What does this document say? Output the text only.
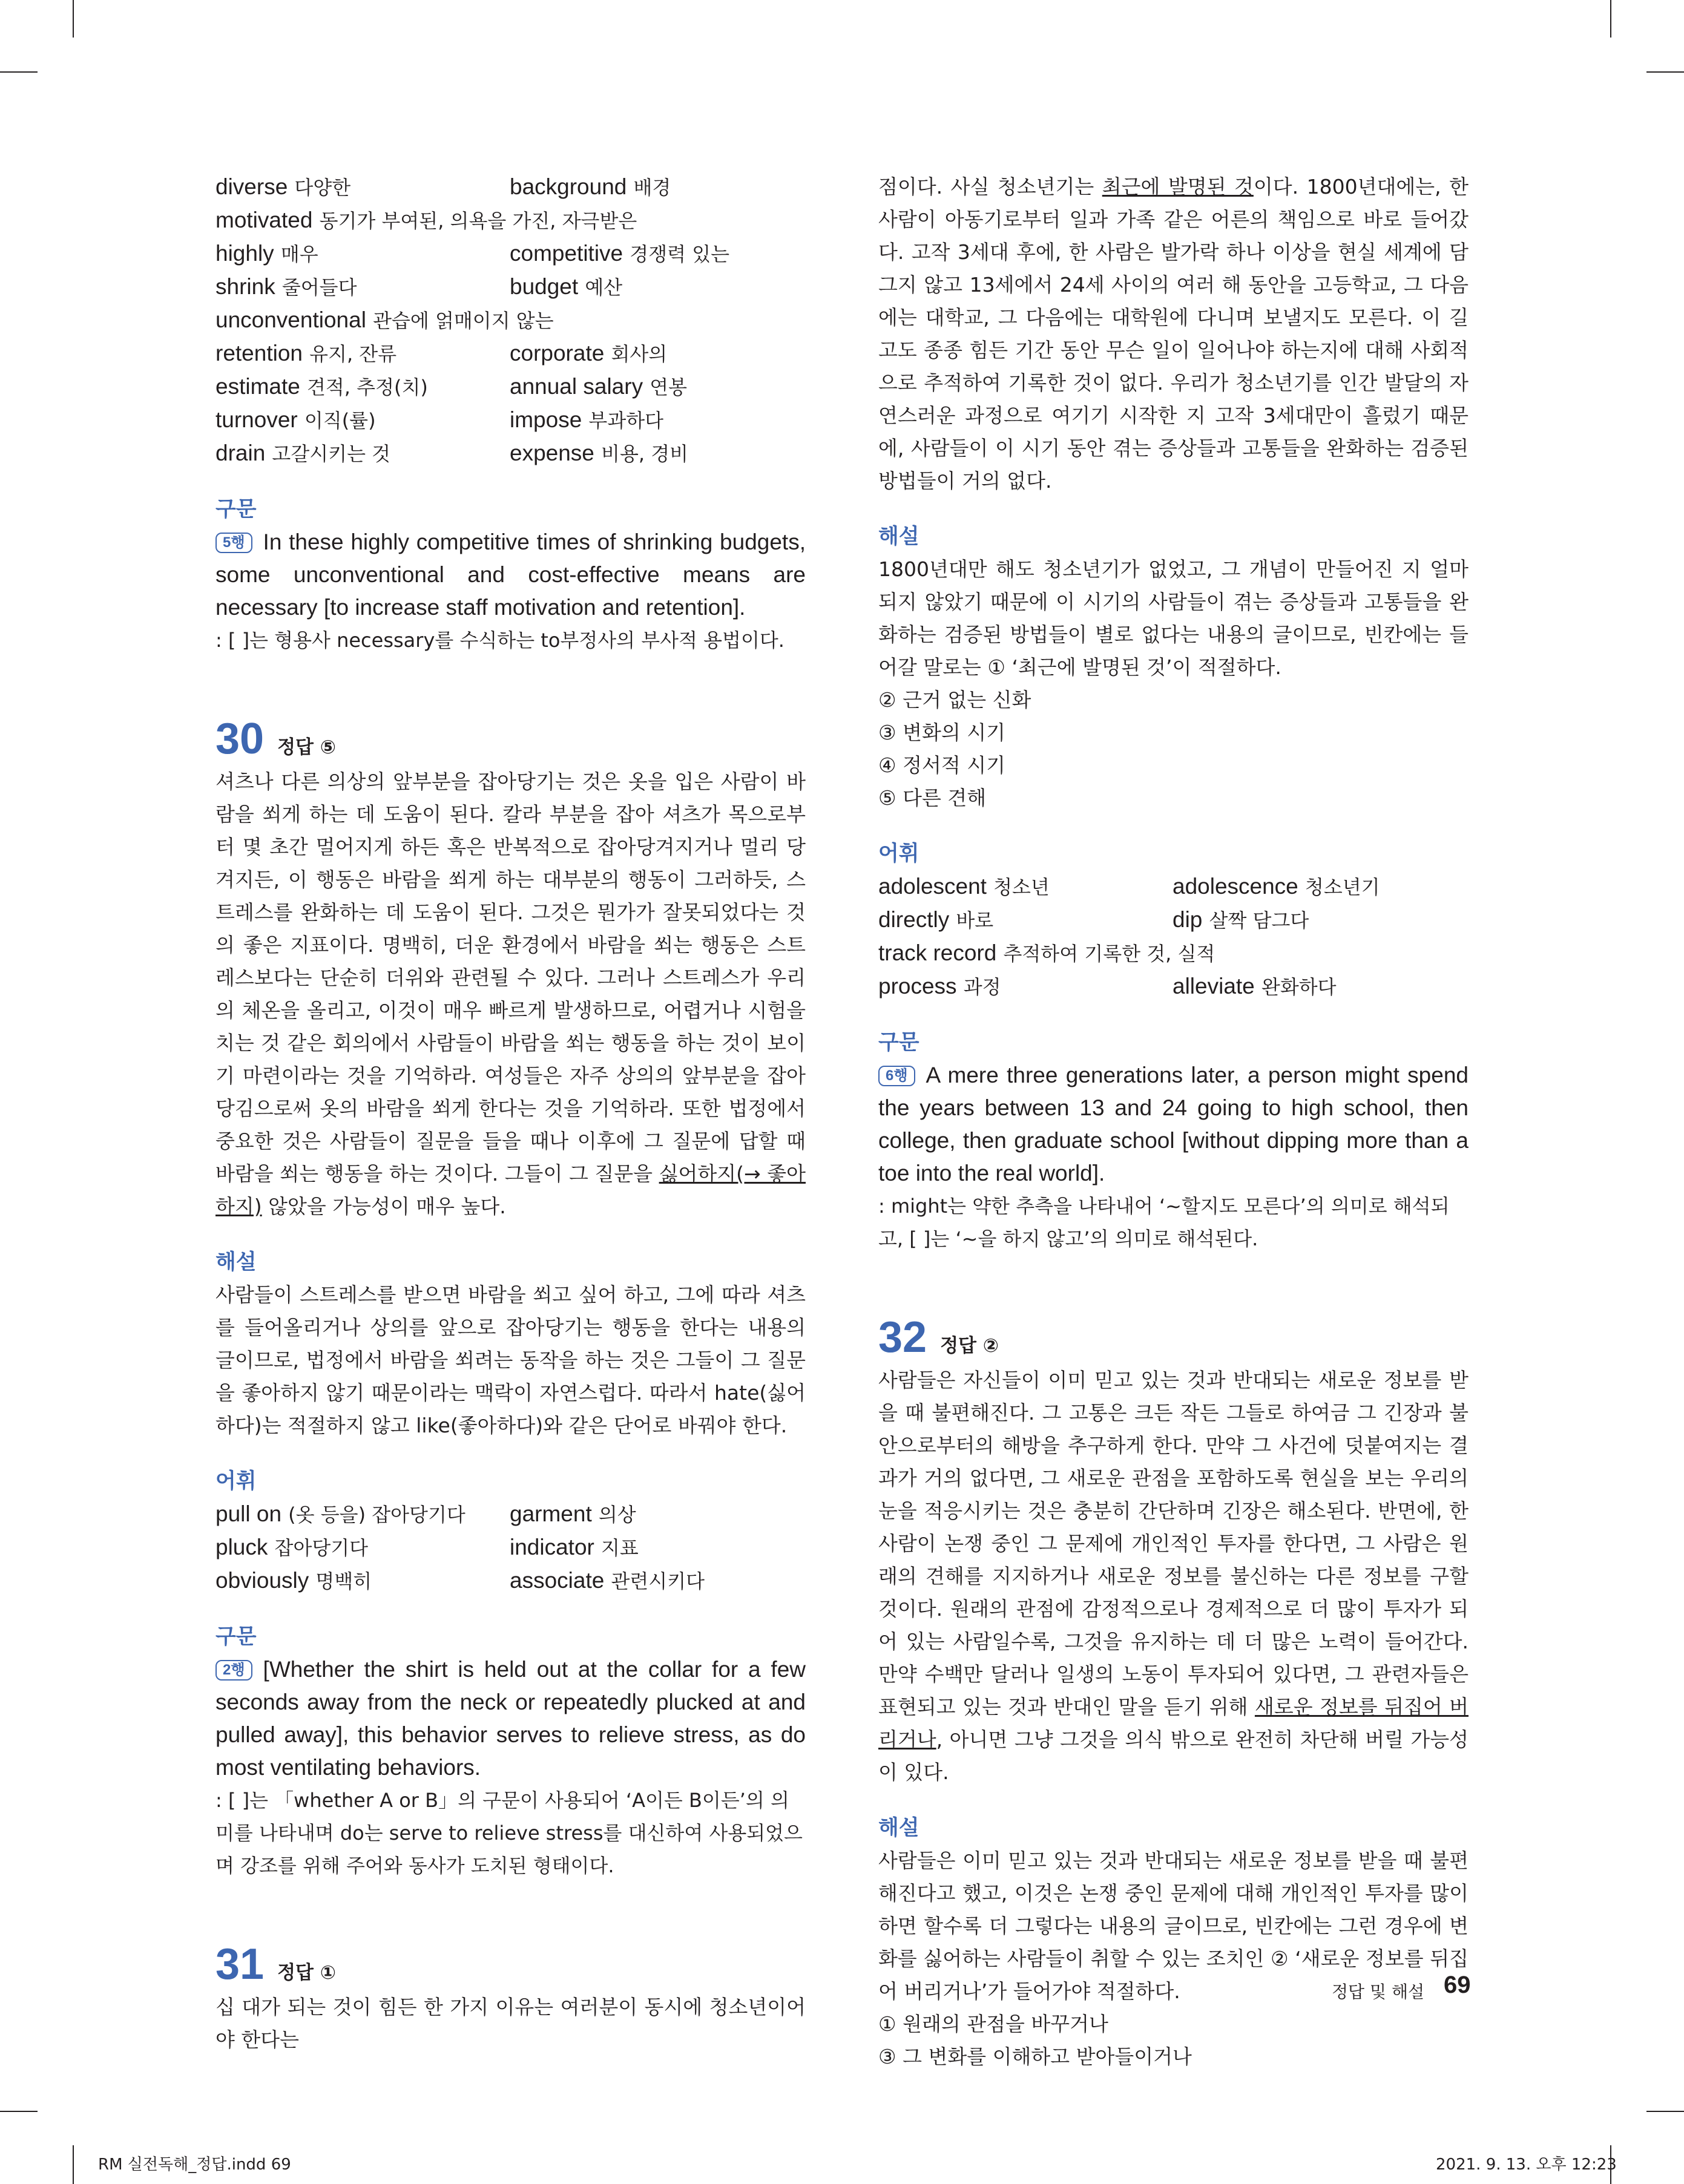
diverse 다양한	background 배경
motivated 동기가 부여된, 의욕을 가진, 자극받은
highly 매우	competitive 경쟁력 있는
shrink 줄어들다	budget 예산
unconventional 관습에 얽매이지 않는
retention 유지, 잔류	corporate 회사의
estimate 견적, 추정(치)	annual salary 연봉
turnover 이직(률)	impose 부과하다
drain 고갈시키는 것	expense 비용, 경비

구문

5행 In these highly competitive times of shrinking budgets, some unconventional and cost-effective means are necessary [to increase staff motivation and retention].

: [ ]는 형용사 necessary를 수식하는 to부정사의 부사적 용법이다.

30 정답 ⑤

셔츠나 다른 의상의 앞부분을 잡아당기는 것은 옷을 입은 사람이 바람을 쐬게 하는 데 도움이 된다. 칼라 부분을 잡아 셔츠가 목으로부터 몇 초간 멀어지게 하든 혹은 반복적으로 잡아당겨지거나 멀리 당겨지든, 이 행동은 바람을 쐬게 하는 대부분의 행동이 그러하듯, 스트레스를 완화하는 데 도움이 된다. 그것은 뭔가가 잘못되었다는 것의 좋은 지표이다. 명백히, 더운 환경에서 바람을 쐬는 행동은 스트레스보다는 단순히 더위와 관련될 수 있다. 그러나 스트레스가 우리의 체온을 올리고, 이것이 매우 빠르게 발생하므로, 어렵거나 시험을 치는 것 같은 회의에서 사람들이 바람을 쐬는 행동을 하는 것이 보이기 마련이라는 것을 기억하라. 여성들은 자주 상의의 앞부분을 잡아당김으로써 옷의 바람을 쐬게 한다는 것을 기억하라. 또한 법정에서 중요한 것은 사람들이 질문을 들을 때나 이후에 그 질문에 답할 때 바람을 쐬는 행동을 하는 것이다. 그들이 그 질문을 싫어하지(→ 좋아하지) 않았을 가능성이 매우 높다.

해설

사람들이 스트레스를 받으면 바람을 쐬고 싶어 하고, 그에 따라 셔츠를 들어올리거나 상의를 앞으로 잡아당기는 행동을 한다는 내용의 글이므로, 법정에서 바람을 쐬려는 동작을 하는 것은 그들이 그 질문을 좋아하지 않기 때문이라는 맥락이 자연스럽다. 따라서 hate(싫어하다)는 적절하지 않고 like(좋아하다)와 같은 단어로 바꿔야 한다.

어휘

pull on (옷 등을) 잡아당기다	garment 의상
pluck 잡아당기다	indicator 지표
obviously 명백히	associate 관련시키다

구문

2행 [Whether the shirt is held out at the collar for a few seconds away from the neck or repeatedly plucked at and pulled away], this behavior serves to relieve stress, as do most ventilating behaviors.

: [ ]는 「whether A or B」의 구문이 사용되어 ‘A이든 B이든’의 의미를 나타내며 do는 serve to relieve stress를 대신하여 사용되었으며 강조를 위해 주어와 동사가 도치된 형태이다.

31 정답 ①

십 대가 되는 것이 힘든 한 가지 이유는 여러분이 동시에 청소년이어야 한다는

점이다. 사실 청소년기는 최근에 발명된 것이다. 1800년대에는, 한 사람이 아동기로부터 일과 가족 같은 어른의 책임으로 바로 들어갔다. 고작 3세대 후에, 한 사람은 발가락 하나 이상을 현실 세계에 담그지 않고 13세에서 24세 사이의 여러 해 동안을 고등학교, 그 다음에는 대학교, 그 다음에는 대학원에 다니며 보낼지도 모른다. 이 길고도 종종 힘든 기간 동안 무슨 일이 일어나야 하는지에 대해 사회적으로 추적하여 기록한 것이 없다. 우리가 청소년기를 인간 발달의 자연스러운 과정으로 여기기 시작한 지 고작 3세대만이 흘렀기 때문에, 사람들이 이 시기 동안 겪는 증상들과 고통들을 완화하는 검증된 방법들이 거의 없다.

해설

1800년대만 해도 청소년기가 없었고, 그 개념이 만들어진 지 얼마 되지 않았기 때문에 이 시기의 사람들이 겪는 증상들과 고통들을 완화하는 검증된 방법들이 별로 없다는 내용의 글이므로, 빈칸에는 들어갈 말로는 ① ‘최근에 발명된 것’이 적절하다.

② 근거 없는 신화

③ 변화의 시기

④ 정서적 시기

⑤ 다른 견해

어휘

adolescent 청소년	adolescence 청소년기
directly 바로	dip 살짝 담그다
track record 추적하여 기록한 것, 실적
process 과정	alleviate 완화하다

구문

6행 A mere three generations later, a person might spend the years between 13 and 24 going to high school, then college, then graduate school [without dipping more than a toe into the real world].

: might는 약한 추측을 나타내어 ‘~할지도 모른다’의 의미로 해석되고, [ ]는 ‘~을 하지 않고’의 의미로 해석된다.

32 정답 ②

사람들은 자신들이 이미 믿고 있는 것과 반대되는 새로운 정보를 받을 때 불편해진다. 그 고통은 크든 작든 그들로 하여금 그 긴장과 불안으로부터의 해방을 추구하게 한다. 만약 그 사건에 덧붙여지는 결과가 거의 없다면, 그 새로운 관점을 포함하도록 현실을 보는 우리의 눈을 적응시키는 것은 충분히 간단하며 긴장은 해소된다. 반면에, 한 사람이 논쟁 중인 그 문제에 개인적인 투자를 한다면, 그 사람은 원래의 견해를 지지하거나 새로운 정보를 불신하는 다른 정보를 구할 것이다. 원래의 관점에 감정적으로나 경제적으로 더 많이 투자가 되어 있는 사람일수록, 그것을 유지하는 데 더 많은 노력이 들어간다. 만약 수백만 달러나 일생의 노동이 투자되어 있다면, 그 관련자들은 표현되고 있는 것과 반대인 말을 듣기 위해 새로운 정보를 뒤집어 버리거나, 아니면 그냥 그것을 의식 밖으로 완전히 차단해 버릴 가능성이 있다.

해설

사람들은 이미 믿고 있는 것과 반대되는 새로운 정보를 받을 때 불편해진다고 했고, 이것은 논쟁 중인 문제에 대해 개인적인 투자를 많이 하면 할수록 더 그렇다는 내용의 글이므로, 빈칸에는 그런 경우에 변화를 싫어하는 사람들이 취할 수 있는 조치인 ② ‘새로운 정보를 뒤집어 버리거나’가 들어가야 적절하다.

① 원래의 관점을 바꾸거나

③ 그 변화를 이해하고 받아들이거나

정답 및 해설 69
RM 실전독해_정답.indd 69	2021. 9. 13. 오후 12:23
